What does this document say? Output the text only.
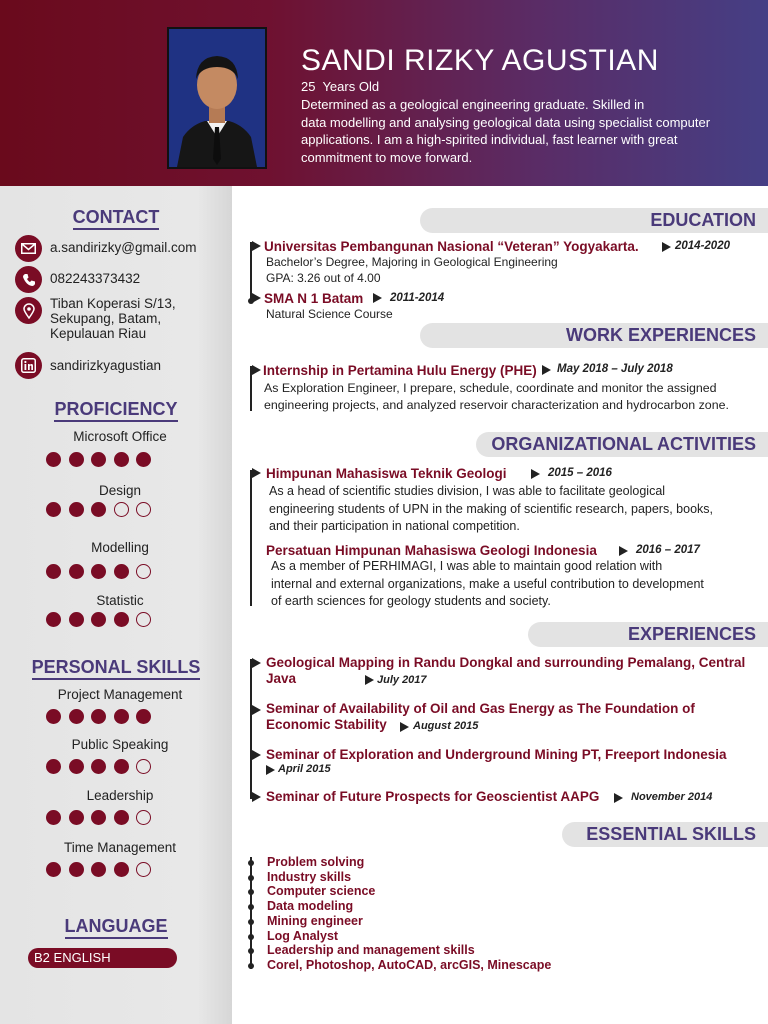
SANDI RIZKY AGUSTIAN
25  Years Old
Determined as a geological engineering graduate. Skilled in
data modelling and analysing geological data using specialist computer
applications. I am a high-spirited individual, fast learner with great
commitment to move forward.
CONTACT
a.sandirizky@gmail.com
082243373432
Tiban Koperasi S/13,
Sekupang, Batam,
Kepulauan Riau
sandirizkyagustian
PROFICIENCY
Microsoft Office
Design
Modelling
Statistic
PERSONAL SKILLS
Project Management
Public Speaking
Leadership
Time Management
LANGUAGE
B2 ENGLISH
EDUCATION
Universitas Pembangunan Nasional “Veteran” Yogyakarta.	2014-2020
Bachelor’s Degree, Majoring in Geological Engineering
GPA: 3.26 out of 4.00
SMA N 1 Batam 2011-2014
Natural Science Course
WORK EXPERIENCES
Internship in Pertamina Hulu Energy (PHE) May 2018 – July 2018
As Exploration Engineer, I prepare, schedule, coordinate and monitor the assigned
engineering projects, and analyzed reservoir characterization and hydrocarbon zone.
ORGANIZATIONAL ACTIVITIES
Himpunan Mahasiswa Teknik Geologi	2015 – 2016
As a head of scientific studies division, I was able to facilitate geological
engineering students of UPN in the making of scientific research, papers, books,
and their participation in national competition.
Persatuan Himpunan Mahasiswa Geologi Indonesia	2016 – 2017
As a member of PERHIMAGI, I was able to maintain good relation with
internal and external organizations, make a useful contribution to development
of earth sciences for geology students and society.
EXPERIENCES
Geological Mapping in Randu Dongkal and surrounding Pemalang, Central Java	July 2017
Seminar of Availability of Oil and Gas Energy as The Foundation of Economic Stability	August 2015
Seminar of Exploration and Underground Mining PT, Freeport Indonesia
April 2015
Seminar of Future Prospects for Geoscientist AAPG	November 2014
ESSENTIAL SKILLS
Problem solving
Industry skills
Computer science
Data modeling
Mining engineer
Log Analyst
Leadership and management skills
Corel, Photoshop, AutoCAD, arcGIS, Minescape
